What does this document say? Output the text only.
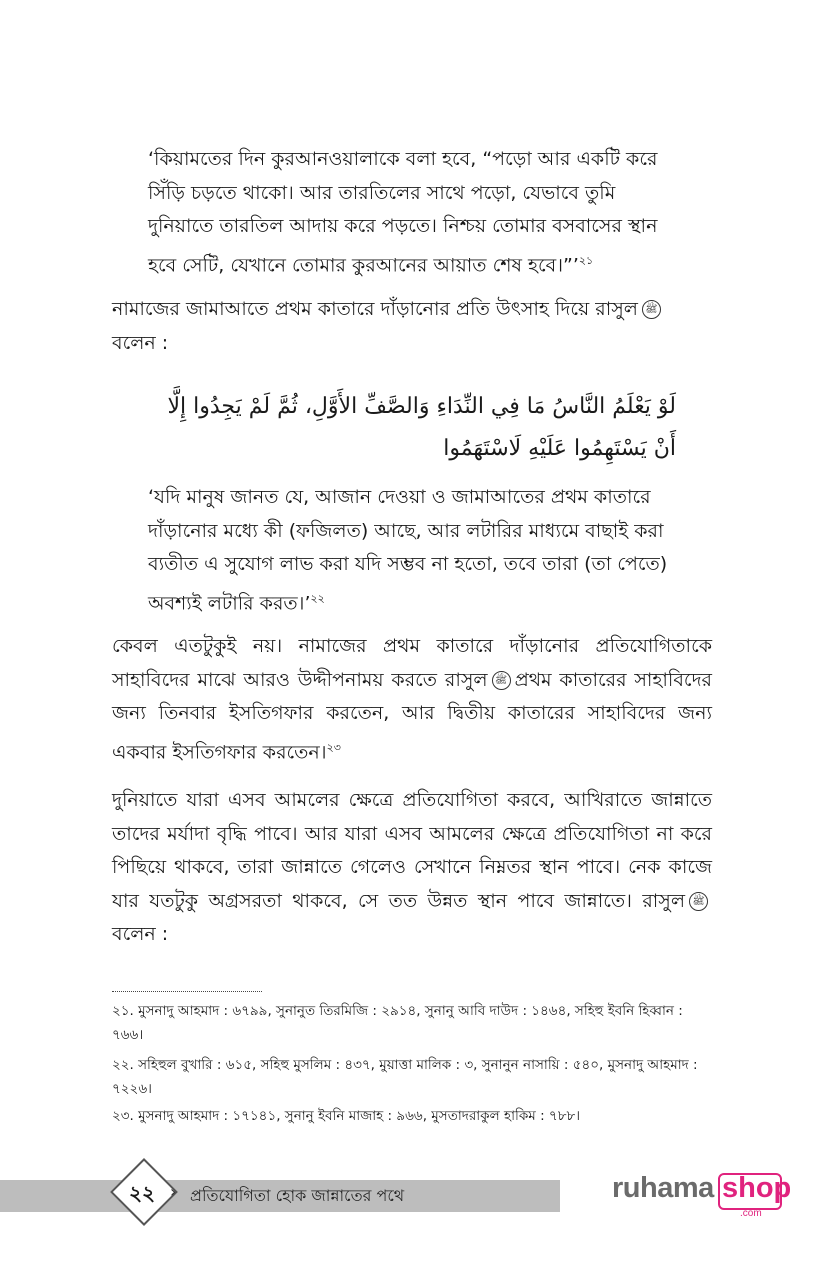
‘কিয়ামতের দিন কুরআনওয়ালাকে বলা হবে, “পড়ো আর একটি করে সিঁড়ি চড়তে থাকো। আর তারতিলের সাথে পড়ো, যেভাবে তুমি দুনিয়াতে তারতিল আদায় করে পড়তে। নিশ্চয় তোমার বসবাসের স্থান হবে সেটি, যেখানে তোমার কুরআনের আয়াত শেষ হবে।”’$^{২১}$

নামাজের জামাআতে প্রথম কাতারে দাঁড়ানোর প্রতি উৎসাহ দিয়ে রাসুল ﷺ
বলেন :

لَوْ يَعْلَمُ النَّاسُ مَا فِي النِّدَاءِ وَالصَّفِّ الأَوَّلِ، ثُمَّ لَمْ يَجِدُوا إِلَّا أَنْ يَسْتَهِمُوا عَلَيْهِ لَاسْتَهَمُوا

‘যদি মানুষ জানত যে, আজান দেওয়া ও জামাআতের প্রথম কাতারে দাঁড়ানোর মধ্যে কী (ফজিলত) আছে, আর লটারির মাধ্যমে বাছাই করা ব্যতীত এ সুযোগ লাভ করা যদি সম্ভব না হতো, তবে তারা (তা পেতে) অবশ্যই লটারি করত।’$^{২২}$

কেবল এতটুকুই নয়। নামাজের প্রথম কাতারে দাঁড়ানোর প্রতিযোগিতাকে সাহাবিদের মাঝে আরও উদ্দীপনাময় করতে রাসুল ﷺ প্রথম কাতারের সাহাবিদের জন্য তিনবার ইসতিগফার করতেন, আর দ্বিতীয় কাতারের সাহাবিদের জন্য একবার ইসতিগফার করতেন।$^{২৩}$

দুনিয়াতে যারা এসব আমলের ক্ষেত্রে প্রতিযোগিতা করবে, আখিরাতে জান্নাতে তাদের মর্যাদা বৃদ্ধি পাবে। আর যারা এসব আমলের ক্ষেত্রে প্রতিযোগিতা না করে পিছিয়ে থাকবে, তারা জান্নাতে গেলেও সেখানে নিম্নতর স্থান পাবে। নেক কাজে যার যতটুকু অগ্রসরতা থাকবে, সে তত উন্নত স্থান পাবে জান্নাতে। রাসুল ﷺবলেন :

২১. মুসনাদু আহমাদ : ৬৭৯৯, সুনানুত তিরমিজি : ২৯১৪, সুনানু আবি দাউদ : ১৪৬৪, সহিহু ইবনি হিব্বান : ৭৬৬।
২২. সহিহুল বুখারি : ৬১৫, সহিহু মুসলিম : ৪৩৭, মুয়াত্তা মালিক : ৩, সুনানুন নাসায়ি : ৫৪০, মুসনাদু আহমাদ : ৭২২৬।
২৩. মুসনাদু আহমাদ : ১৭১৪১, সুনানু ইবনি মাজাহ : ৯৬৬, মুসতাদরাকুল হাকিম : ৭৮৮।
২২ › প্রতিযোগিতা হোক জান্নাতের পথে	ruhama shop
.com
